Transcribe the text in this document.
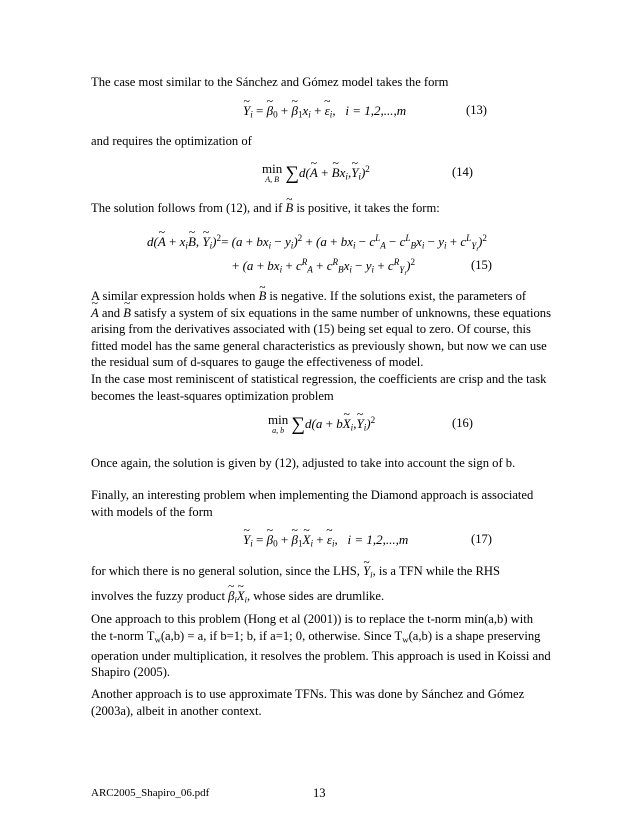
The case most similar to the Sánchez and Gómez model takes the form

~ $Y_i$ = ~ $\beta_0$ + ~ $\beta_1x_i$ + ~ $\varepsilon_i$, i = 1,2,...,m	(13)

and requires the optimization of

min
A, B ∑d(~ A + ~ $Bx_i,\sim$ $Y_i)^2$	(14)

The solution follows from (12), and if ~ B is positive, it takes the form:

d(~ $A + x_i\sim$ B, ~ $Y_i)^2= (a + bx_i - y_i)^2 + (a + bx_i - c^L_A - c^L_Bx_i - y_i + c^L_{Y_i})^2$
+ $(a + bx_i + c^R_A + c^R_Bx_i - y_i + c^R_{Y_i})^2$	(15)

A similar expression holds when ~ B is negative. If the solutions exist, the parameters of
~ A and ~ B satisfy a system of six equations in the same number of unknowns, these equations arising from the derivatives associated with (15) being set equal to zero. Of course, this fitted model has the same general characteristics as previously shown, but now we can use the residual sum of d-squares to gauge the effectiveness of model.

In the case most reminiscent of statistical regression, the coefficients are crisp and the task becomes the least-squares optimization problem

min
a, b ∑d(a + b~ $X_i,\sim$ $Y_i)^2$	(16)

Once again, the solution is given by (12), adjusted to take into account the sign of b.

Finally, an interesting problem when implementing the Diamond approach is associated with models of the form

~ $Y_i$ = ~ $\beta_0$ + ~ $\beta_1\sim$ $X_i$ + ~ $\varepsilon_i$, i = 1,2,...,m	(17)

for which there is no general solution, since the LHS, ~ $Y_i$, is a TFN while the RHS
involves the fuzzy product ~ $\beta_i\sim$ $X_i$, whose sides are drumlike.

One approach to this problem (Hong et al (2001)) is to replace the t-norm min(a,b) with the t-norm $T_w(a,b) = a$, if b=1; b, if a=1; 0, otherwise. Since $T_w(a,b)$ is a shape preserving operation under multiplication, it resolves the problem. This approach is used in Koissi and Shapiro (2005).

Another approach is to use approximate TFNs. This was done by Sánchez and Gómez (2003a), albeit in another context.

ARC2005_Shapiro_06.pdf	13
